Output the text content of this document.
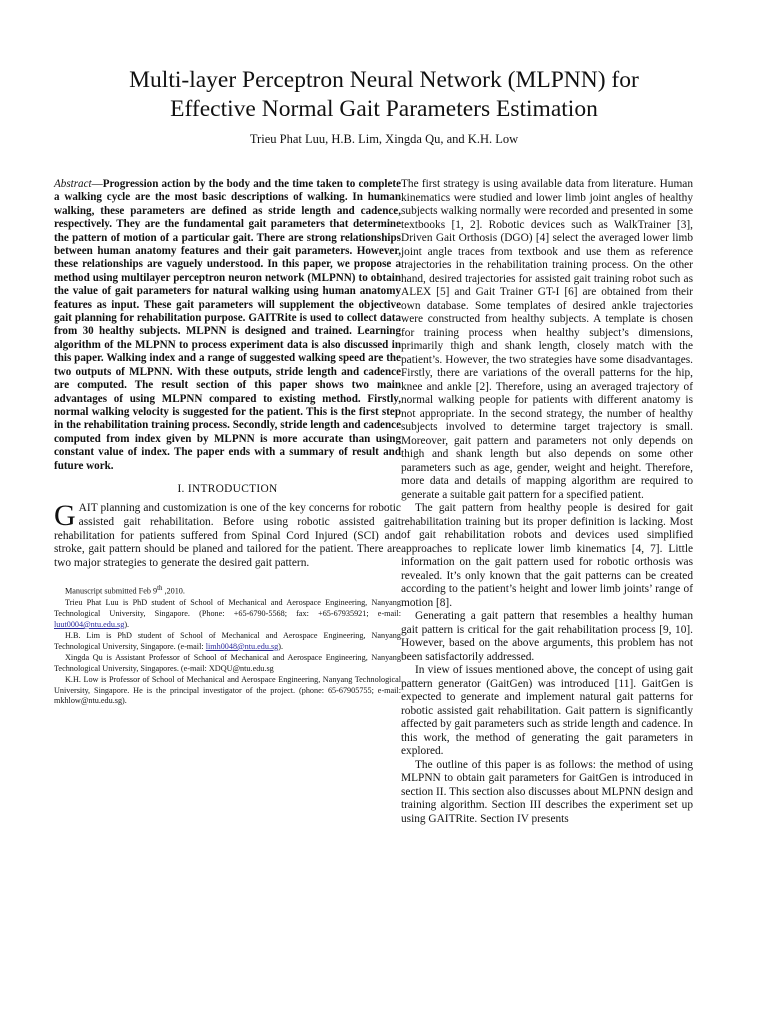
Multi-layer Perceptron Neural Network (MLPNN) for
Effective Normal Gait Parameters Estimation
Trieu Phat Luu, H.B. Lim, Xingda Qu, and K.H. Low

Abstract—Progression action by the body and the time taken to complete a walking cycle are the most basic descriptions of walking. In human walking, these parameters are defined as stride length and cadence, respectively. They are the fundamental gait parameters that determine the pattern of motion of a particular gait. There are strong relationships between human anatomy features and their gait parameters. However, these relationships are vaguely understood. In this paper, we propose a method using multilayer perceptron neuron network (MLPNN) to obtain the value of gait parameters for natural walking using human anatomy features as input. These gait parameters will supplement the objective gait planning for rehabilitation purpose. GAITRite is used to collect data from 30 healthy subjects. MLPNN is designed and trained. Learning algorithm of the MLPNN to process experiment data is also discussed in this paper. Walking index and a range of suggested walking speed are the two outputs of MLPNN. With these outputs, stride length and cadence are computed. The result section of this paper shows two main advantages of using MLPNN compared to existing method. Firstly, normal walking velocity is suggested for the patient. This is the first step in the rehabilitation training process. Secondly, stride length and cadence computed from index given by MLPNN is more accurate than using constant value of index. The paper ends with a summary of result and future work.

I. INTRODUCTION

GAIT planning and customization is one of the key concerns for robotic assisted gait rehabilitation. Before using robotic assisted gait rehabilitation for patients suffered from Spinal Cord Injured (SCI) and stroke, gait pattern should be planed and tailored for the patient. There are two major strategies to generate the desired gait pattern.

Manuscript submitted Feb 9th ,2010.

Trieu Phat Luu is PhD student of School of Mechanical and Aerospace Engineering, Nanyang Technological University, Singapore. (Phone: +65-6790-5568; fax: +65-67935921; e-mail: luut0004@ntu.edu.sg).

H.B. Lim is PhD student of School of Mechanical and Aerospace Engineering, Nanyang Technological University, Singapore. (e-mail: limh0048@ntu.edu.sg).

Xingda Qu is Assistant Professor of School of Mechanical and Aerospace Engineering, Nanyang Technological University, Singapores. (e-mail: XDQU@ntu.edu.sg

K.H. Low is Professor of School of Mechanical and Aerospace Engineering, Nanyang Technological University, Singapore. He is the principal investigator of the project. (phone: 65-67905755; e-mail: mkhlow@ntu.edu.sg).

The first strategy is using available data from literature. Human kinematics were studied and lower limb joint angles of healthy subjects walking normally were recorded and presented in some textbooks [1, 2]. Robotic devices such as WalkTrainer [3], Driven Gait Orthosis (DGO) [4] select the averaged lower limb joint angle traces from textbook and use them as reference trajectories in the rehabilitation training process. On the other hand, desired trajectories for assisted gait training robot such as ALEX [5] and Gait Trainer GT-I [6] are obtained from their own database. Some templates of desired ankle trajectories were constructed from healthy subjects. A template is chosen for training process when healthy subject’s dimensions, primarily thigh and shank length, closely match with the patient’s. However, the two strategies have some disadvantages. Firstly, there are variations of the overall patterns for the hip, knee and ankle [2]. Therefore, using an averaged trajectory of normal walking people for patients with different anatomy is not appropriate. In the second strategy, the number of healthy subjects involved to determine target trajectory is small. Moreover, gait pattern and parameters not only depends on thigh and shank length but also depends on some other parameters such as age, gender, weight and height. Therefore, more data and details of mapping algorithm are required to generate a suitable gait pattern for a specified patient.

The gait pattern from healthy people is desired for gait rehabilitation training but its proper definition is lacking. Most of gait rehabilitation robots and devices used simplified approaches to replicate lower limb kinematics [4, 7]. Little information on the gait pattern used for robotic orthosis was revealed. It’s only known that the gait patterns can be created according to the patient’s height and lower limb joints’ range of motion [8].

Generating a gait pattern that resembles a healthy human gait pattern is critical for the gait rehabilitation process [9, 10]. However, based on the above arguments, this problem has not been satisfactorily addressed.

In view of issues mentioned above, the concept of using gait pattern generator (GaitGen) was introduced [11]. GaitGen is expected to generate and implement natural gait patterns for robotic assisted gait rehabilitation. Gait pattern is significantly affected by gait parameters such as stride length and cadence. In this work, the method of generating the gait parameters in explored.

The outline of this paper is as follows: the method of using MLPNN to obtain gait parameters for GaitGen is introduced in section II. This section also discusses about MLPNN design and training algorithm. Section III describes the experiment set up using GAITRite. Section IV presents
